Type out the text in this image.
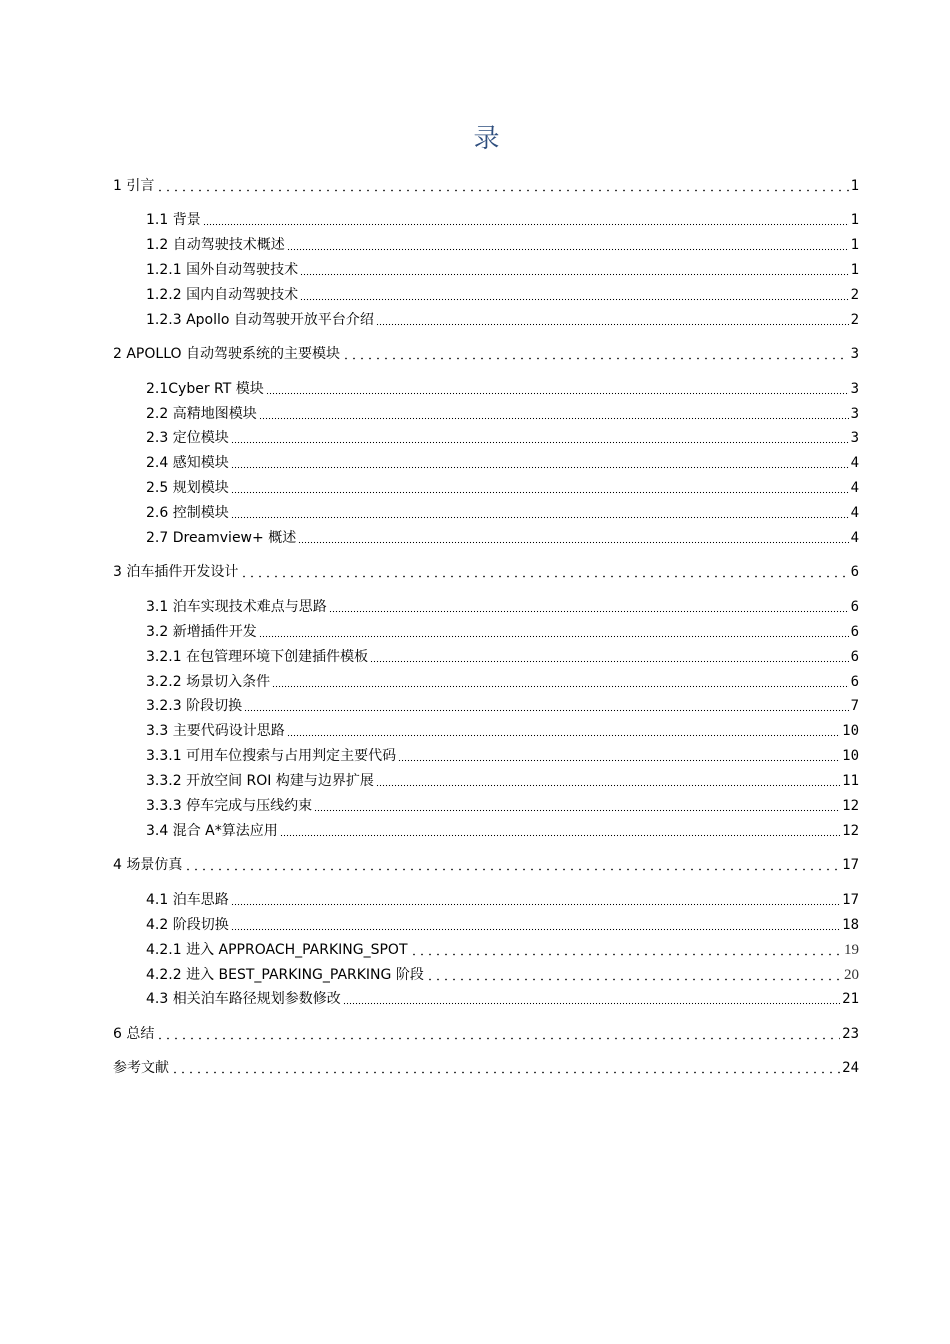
录
1 引言	1
1.1 背景	1
1.2 自动驾驶技术概述	1
1.2.1 国外自动驾驶技术	1
1.2.2 国内自动驾驶技术	2
1.2.3 Apollo 自动驾驶开放平台介绍	2
2 APOLLO 自动驾驶系统的主要模块	3
2.1Cyber RT 模块	3
2.2 高精地图模块	3
2.3 定位模块	3
2.4 感知模块	4
2.5 规划模块	4
2.6 控制模块	4
2.7 Dreamview+ 概述	4
3 泊车插件开发设计	6
3.1 泊车实现技术难点与思路	6
3.2 新增插件开发	6
3.2.1 在包管理环境下创建插件模板	6
3.2.2 场景切入条件	6
3.2.3 阶段切换	7
3.3 主要代码设计思路	10
3.3.1 可用车位搜索与占用判定主要代码	10
3.3.2 开放空间 ROI 构建与边界扩展	11
3.3.3 停车完成与压线约束	12
3.4 混合 A*算法应用	12
4 场景仿真	17
4.1 泊车思路	17
4.2 阶段切换	18
4.2.1 进入 APPROACH_PARKING_SPOT	19
4.2.2 进入 BEST_PARKING_PARKING 阶段	20
4.3 相关泊车路径规划参数修改	21
6 总结	23
参考文献	24
